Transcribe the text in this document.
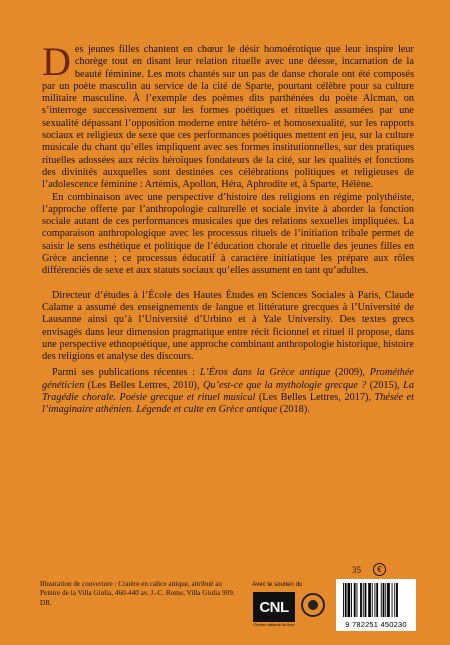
Des jeunes filles chantent en chœur le désir homoérotique que leur inspire leur chorège tout en disant leur relation rituelle avec une déesse, incarnation de la beauté féminine. Les mots chantés sur un pas de danse chorale ont été composés par un poète masculin au service de la cité de Sparte, pourtant célèbre pour sa culture militaire masculine. À l’exemple des poèmes dits parthénées du poète Alcman, on s’interroge successivement sur les formes poétiques et rituelles assumées par une sexualité dépassant l’opposition moderne entre hétéro- et homosexualité, sur les rapports sociaux et religieux de sexe que ces performances poétiques mettent en jeu, sur la culture musicale du chant qu’elles impliquent avec ses formes institutionnelles, sur des pratiques rituelles adossées aux récits héroïques fondateurs de la cité, sur les qualités et fonctions des divinités auxquelles sont destinées ces célébrations politiques et religieuses de l’adolescence féminine : Artémis, Apollon, Héra, Aphrodite et, à Sparte, Hélène.

En combinaison avec une perspective d’histoire des religions en régime polythéiste, l’approche offerte par l’anthropologie culturelle et sociale invite à aborder la fonction sociale autant de ces performances musicales que des relations sexuelles impliquées. La comparaison anthropologique avec les processus rituels de l’initiation tribale permet de saisir le sens esthétique et politique de l’éducation chorale et rituelle des jeunes filles en Grèce ancienne ; ce processus éducatif à caractère initiatique les prépare aux rôles différenciés de sexe et aux statuts sociaux qu’elles assument en tant qu’adultes.

Directeur d’études à l’École des Hautes Études en Sciences Sociales à Paris, Claude Calame a assumé des enseignements de langue et littérature grecques à l’Université de Lausanne ainsi qu’à l’Université d’Urbino et à Yale University. Des textes grecs envisagés dans leur dimension pragmatique entre récit ficionnel et rituel il propose, dans une perspective ethnopoétique, une approche combinant anthropologie historique, histoire des religions et analyse des discours.

Parmi ses publications récentes : L’Éros dans la Grèce antique (2009), Prométhée généticien (Les Belles Lettres, 2010), Qu’est-ce que la mythologie grecque ? (2015), La Tragédie chorale. Poésie grecque et rituel musical (Les Belles Lettres, 2017), Thésée et l’imaginaire athénien. Légende et culte en Grèce antique (2018).

Illustration de couverture : Cratère en calice attique, attribué au Peintre de la Villa Giulia, 460-440 av. J.-C. Rome, Villa Giulia 909. DR.
Avec le soutien du
CNL
Centre national du livre
35	€
9 782251 450230
